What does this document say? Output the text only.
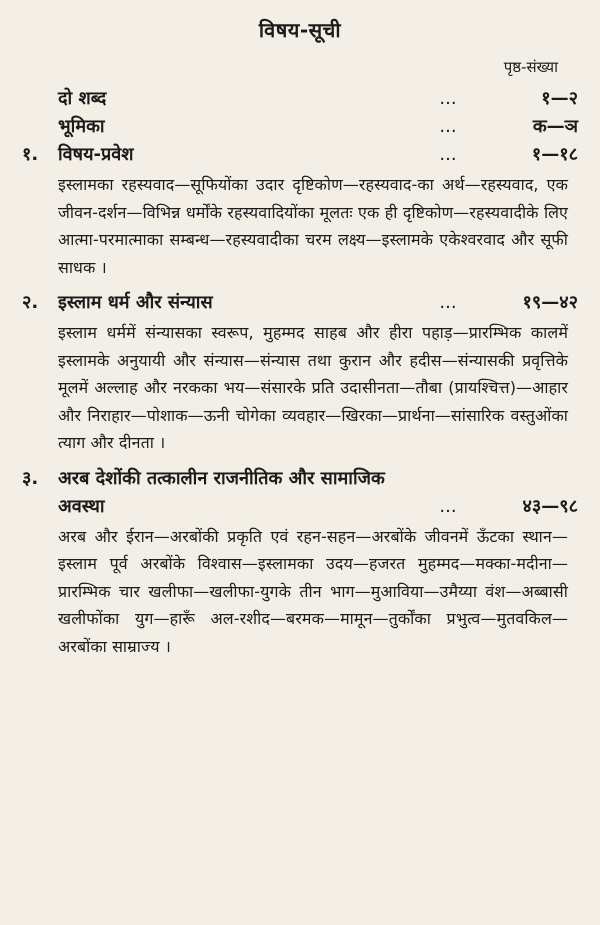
विषय-सूची
पृष्ठ-संख्या
दो शब्द	...	१—२
भूमिका	...	क—ञ
१.	विषय-प्रवेश	...	१—१८
इस्लामका रहस्यवाद—सूफियोंका उदार दृष्टिकोण—रहस्यवाद-का अर्थ—रहस्यवाद, एक जीवन-दर्शन—विभिन्न धर्मोंके रहस्यवादियोंका मूलतः एक ही दृष्टिकोण—रहस्यवादीके लिए आत्मा-परमात्माका सम्बन्ध—रहस्यवादीका चरम लक्ष्य—इस्लामके एकेश्वरवाद और सूफी साधक ।
२.	इस्लाम धर्म और संन्यास	...	१९—४२
इस्लाम धर्ममें संन्यासका स्वरूप, मुहम्मद साहब और हीरा पहाड़—प्रारम्भिक कालमें इस्लामके अनुयायी और संन्यास—संन्यास तथा कुरान और हदीस—संन्यासकी प्रवृत्तिके मूलमें अल्लाह और नरकका भय—संसारके प्रति उदासीनता—तौबा (प्रायश्चित्त)—आहार और निराहार—पोशाक—ऊनी चोगेका व्यवहार—खिरका—प्रार्थना—सांसारिक वस्तुओंका त्याग और दीनता ।
३.	अरब देशोंकी तत्कालीन राजनीतिक और सामाजिक
अवस्था	...	४३—९८
अरब और ईरान—अरबोंकी प्रकृति एवं रहन-सहन—अरबोंके जीवनमें ऊँटका स्थान—इस्लाम पूर्व अरबोंके विश्वास—इस्लामका उदय—हजरत मुहम्मद—मक्का-मदीना—प्रारम्भिक चार खलीफा—खलीफा-युगके तीन भाग—मुआविया—उमैय्या वंश—अब्बासी खलीफोंका युग—हारूँ अल-रशीद—बरमक—मामून—तुर्कोंका प्रभुत्व—मुतवकिल—अरबोंका साम्राज्य ।
